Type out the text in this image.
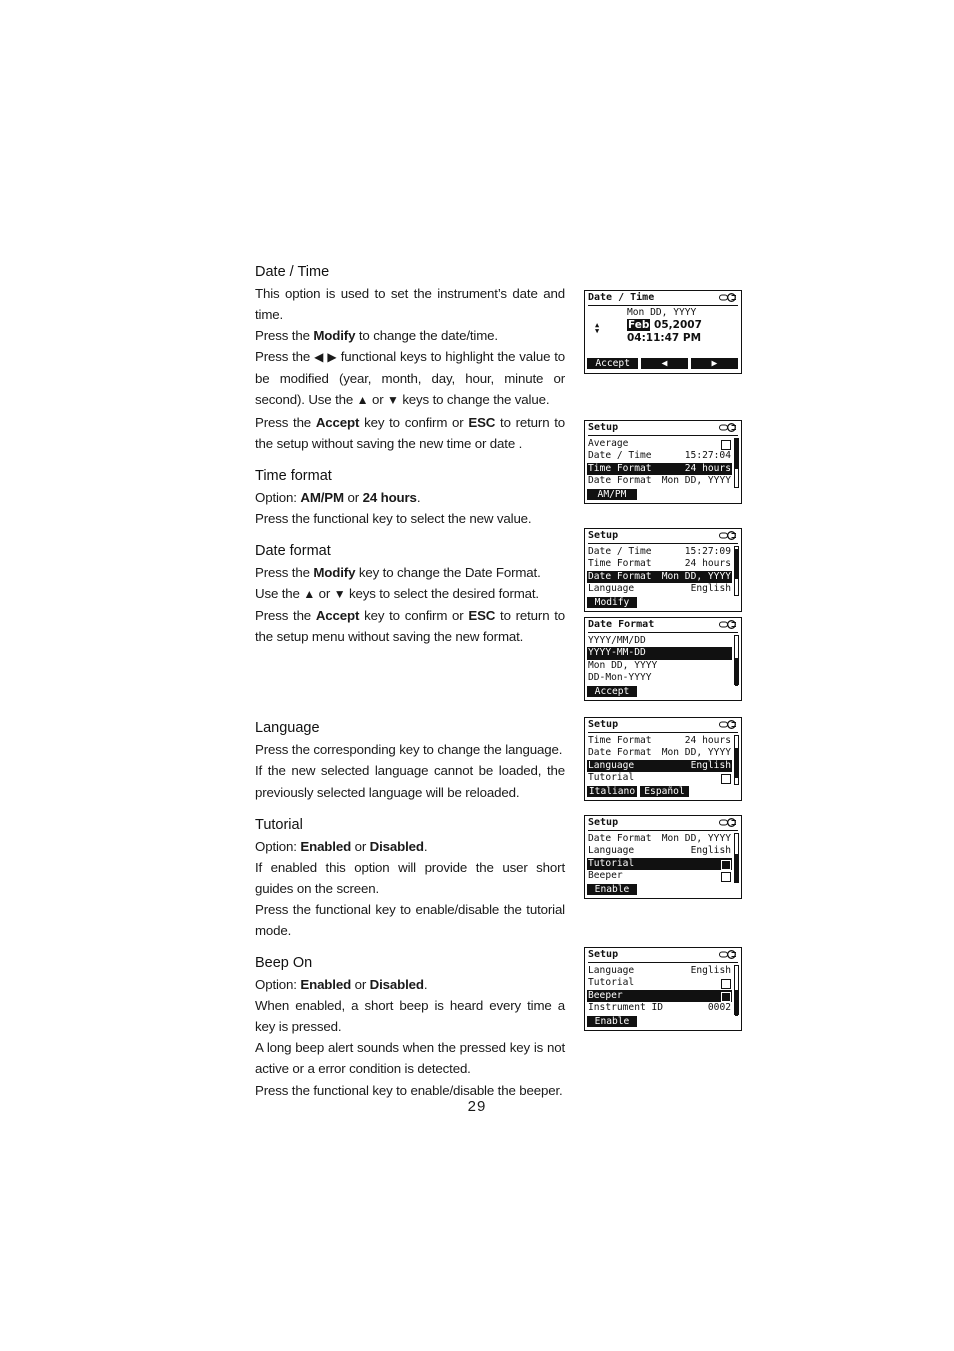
Date / Time
This option is used to set the instrument’s date and time.
Press the Modify to change the date/time.
Press the ◀ ▶ functional keys to highlight the value to be modified (year, month, day, hour, minute or second). Use the ▲ or ▼ keys to change the value.
Press the Accept key to confirm or ESC to return to the setup without saving the new time or date .
Time format
Option: AM/PM or 24 hours.
Press the functional key to select the new value.
Date format
Press the Modify key to change the Date Format.
Use the ▲ or ▼ keys to select the desired format.
Press the Accept key to confirm or ESC to return to the setup menu without saving the new format.
Language
Press the corresponding key to change the language.
If the new selected language cannot be loaded, the previously selected language will be reloaded.
Tutorial
Option: Enabled or Disabled.
If enabled this option will provide the user short guides on the screen.
Press the functional key to enable/disable the tutorial mode.
Beep On
Option: Enabled or Disabled.
When enabled, a short beep is heard every time a key is pressed.
A long beep alert sounds when the pressed key is not active or a error condition is detected.
Press the functional key to enable/disable the beeper.
Date / Time
▲
▼
Mon DD, YYYY
Feb 05,2007
04:11:47 PM
Accept	◀	▶
Setup
Average
Date / Time	15:27:04
Time Format	24 hours
Date Format Mon DD, YYYY
AM/PM
Setup
Date / Time	15:27:09
Time Format	24 hours
Date Format Mon DD, YYYY
Language	English
Modify
Date Format
YYYY/MM/DD
YYYY-MM-DD
Mon DD, YYYY
DD-Mon-YYYY
Accept
Setup
Time Format	24 hours
Date Format Mon DD, YYYY
Language	English
Tutorial
Italiano Español
Setup
Date Format Mon DD, YYYY
Language	English
Tutorial
Beeper
Enable
Setup
Language	English
Tutorial
Beeper
Instrument ID	0002
Enable
29
